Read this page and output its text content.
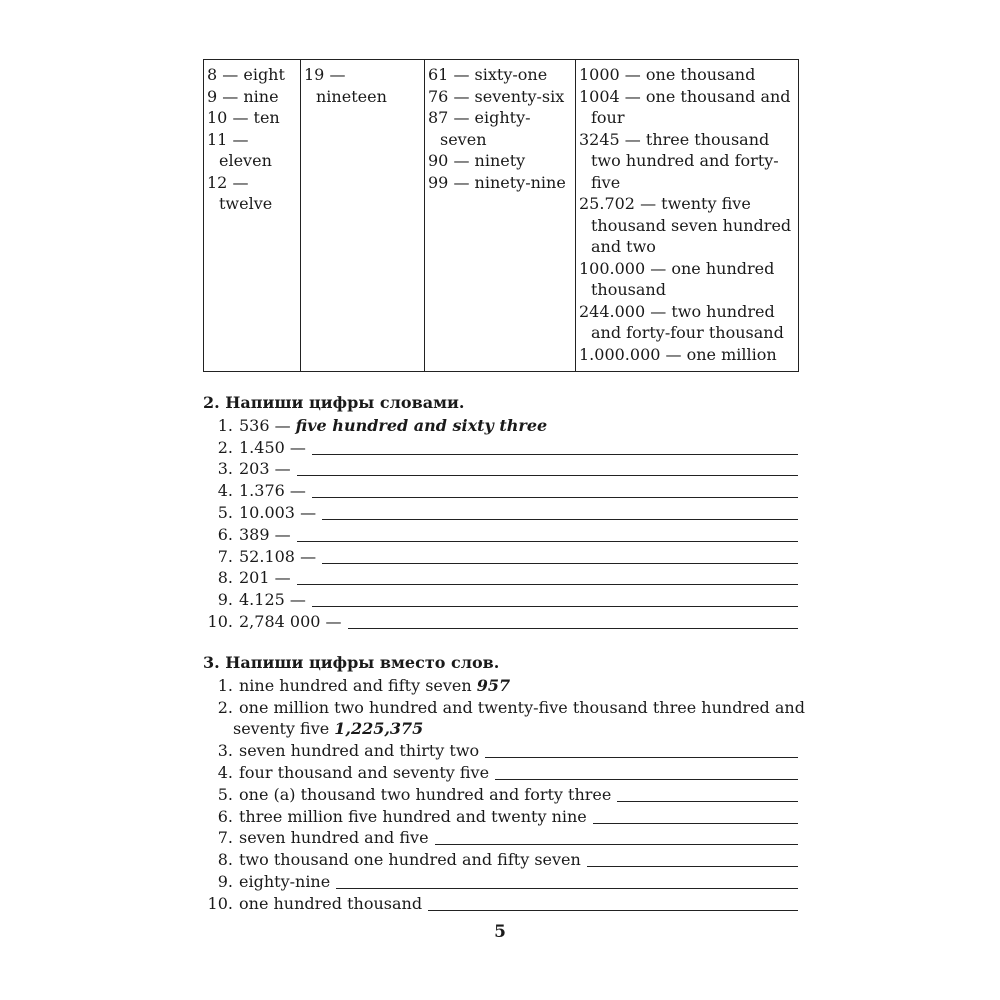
8 — eight
9 — nine
10 — ten
11 — eleven
12 — twelve

19 — nineteen

61 — sixty-one
76 — seventy-six
87 — eighty-seven
90 — ninety
99 — ninety-nine

1000 — one thousand
1004 — one thousand and four
3245 — three thousand two hundred and forty-five
25.702 — twenty five thousand seven hundred and two
100.000 — one hundred thousand
244.000 — two hundred and forty-four thousand
1.000.000 — one million
2. Напиши цифры словами.
1. 536 — five hundred and sixty three
2. 1.450 —
3. 203 —
4. 1.376 —
5. 10.003 —
6. 389 —
7. 52.108 —
8. 201 —
9. 4.125 —
10. 2,784 000 —
3. Напиши цифры вместо слов.
1. nine hundred and fifty seven 957
2. one million two hundred and twenty-five thousand three hundred and
seventy five 1,225,375
3. seven hundred and thirty two
4. four thousand and seventy five
5. one (a) thousand two hundred and forty three
6. three million five hundred and twenty nine
7. seven hundred and five
8. two thousand one hundred and fifty seven
9. eighty-nine
10. one hundred thousand
5
